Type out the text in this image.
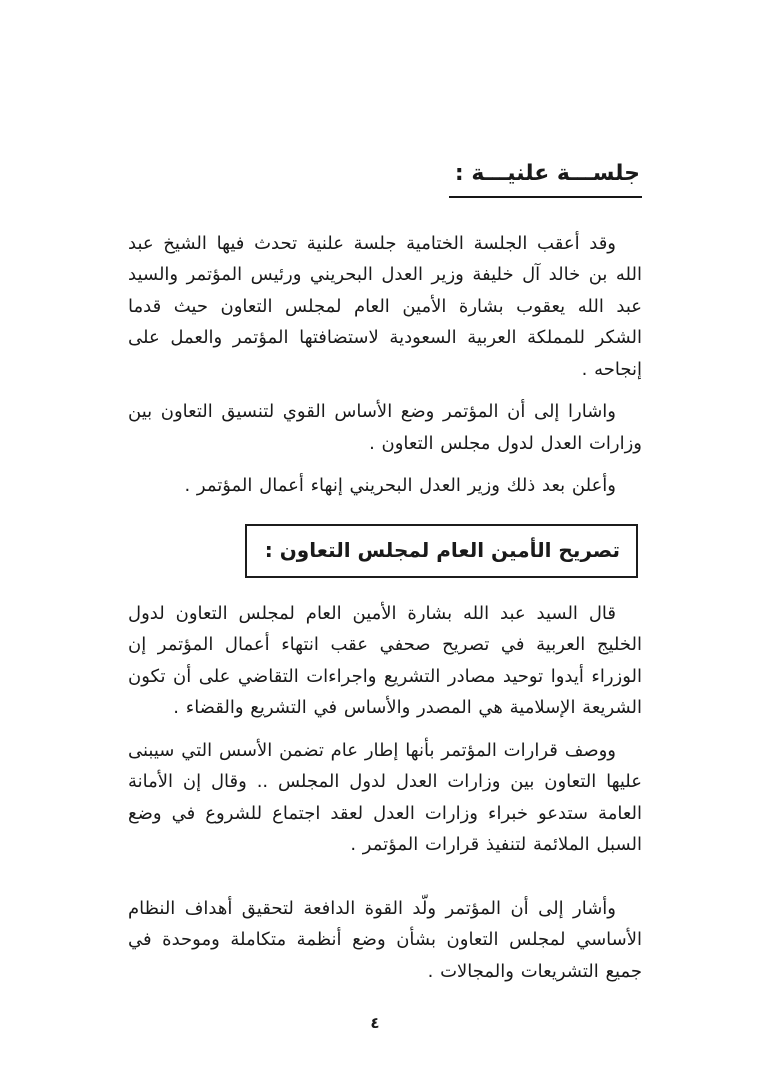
جلســـة علنيـــة :

وقد أعقب الجلسة الختامية جلسة علنية تحدث فيها الشيخ عبد الله بن خالد آل خليفة وزير العدل البحريني ورئيس المؤتمر والسيد عبد الله يعقوب بشارة الأمين العام لمجلس التعاون حيث قدما الشكر للمملكة العربية السعودية لاستضافتها المؤتمر والعمل على إنجاحه .

واشارا إلى أن المؤتمر وضع الأساس القوي لتنسيق التعاون بين وزارات العدل لدول مجلس التعاون .

وأعلن بعد ذلك وزير العدل البحريني إنهاء أعمال المؤتمر .

تصريح الأمين العام لمجلس التعاون :

قال السيد عبد الله بشارة الأمين العام لمجلس التعاون لدول الخليج العربية في تصريح صحفي عقب انتهاء أعمال المؤتمر إن الوزراء أيدوا توحيد مصادر التشريع واجراءات التقاضي على أن تكون الشريعة الإسلامية هي المصدر والأساس في التشريع والقضاء .

ووصف قرارات المؤتمر بأنها إطار عام تضمن الأسس التي سيبنى عليها التعاون بين وزارات العدل لدول المجلس .. وقال إن الأمانة العامة ستدعو خبراء وزارات العدل لعقد اجتماع للشروع في وضع السبل الملائمة لتنفيذ قرارات المؤتمر .

وأشار إلى أن المؤتمر ولّد القوة الدافعة لتحقيق أهداف النظام الأساسي لمجلس التعاون بشأن وضع أنظمة متكاملة وموحدة في جميع التشريعات والمجالات .

٤
